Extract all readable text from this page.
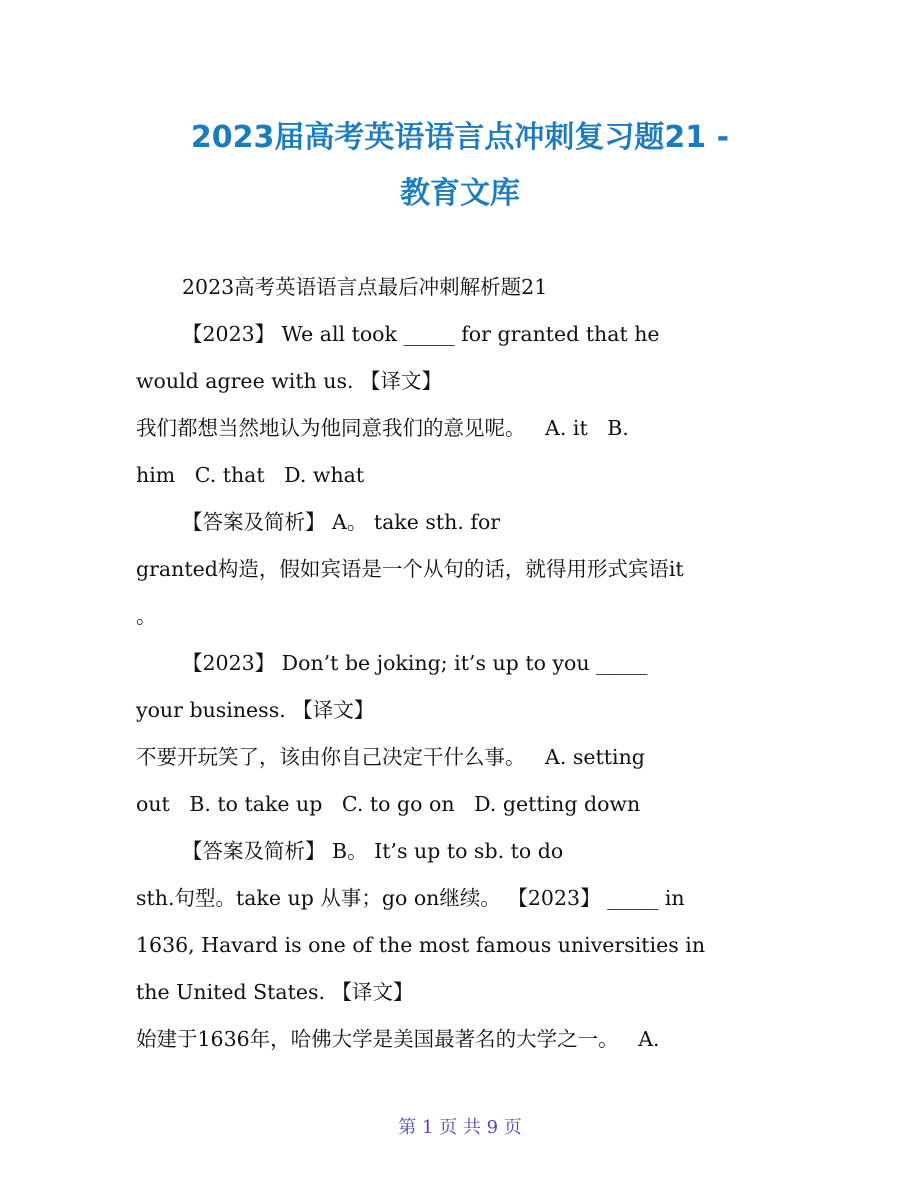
2023届高考英语语言点冲刺复习题21 -
教育文库

2023高考英语语言点最后冲刺解析题21

【2023】 We all took _____ for granted that he

would agree with us. 【译文】

我们都想当然地认为他同意我们的意见呢。   A. it   B.

him   C. that   D. what

【答案及简析】 A。 take sth. for

granted构造，假如宾语是一个从句的话，就得用形式宾语it

。

【2023】 Don’t be joking; it’s up to you _____

your business. 【译文】

不要开玩笑了，该由你自己决定干什么事。   A. setting

out   B. to take up   C. to go on   D. getting down

【答案及简析】 B。 It’s up to sb. to do

sth.句型。take up 从事；go on继续。 【2023】 _____ in

1636, Havard is one of the most famous universities in

the United States. 【译文】

始建于1636年，哈佛大学是美国最著名的大学之一。   A.

第 1 页 共 9 页
